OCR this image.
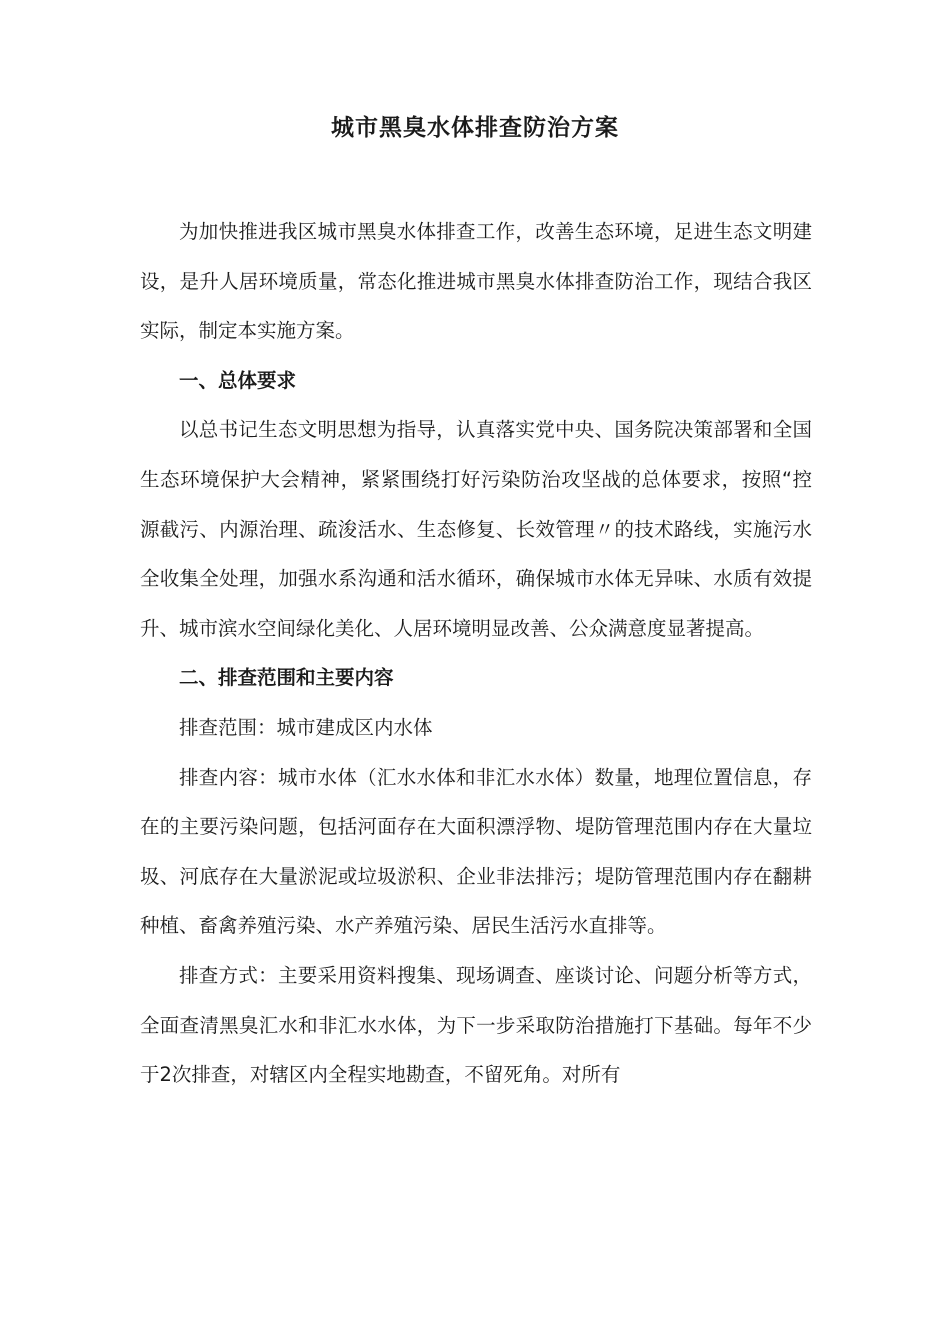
城市黑臭水体排查防治方案

为加快推进我区城市黑臭水体排查工作，改善生态环境，足进生态文明建设，是升人居环境质量，常态化推进城市黑臭水体排查防治工作，现结合我区实际，制定本实施方案。

一、总体要求

以总书记生态文明思想为指导，认真落实党中央、国务院决策部署和全国生态环境保护大会精神，紧紧围绕打好污染防治攻坚战的总体要求，按照“控源截污、内源治理、疏浚活水、生态修复、长效管理〃的技术路线，实施污水全收集全处理，加强水系沟通和活水循环，确保城市水体无异味、水质有效提升、城市滨水空间绿化美化、人居环境明显改善、公众满意度显著提高。

二、排查范围和主要内容

排查范围：城市建成区内水体

排查内容：城市水体（汇水水体和非汇水水体）数量，地理位置信息，存在的主要污染问题，包括河面存在大面积漂浮物、堤防管理范围内存在大量垃圾、河底存在大量淤泥或垃圾淤积、企业非法排污；堤防管理范围内存在翻耕种植、畜禽养殖污染、水产养殖污染、居民生活污水直排等。

排查方式：主要采用资料搜集、现场调查、座谈讨论、问题分析等方式，全面查清黑臭汇水和非汇水水体，为下一步采取防治措施打下基础。每年不少于2次排查，对辖区内全程实地勘查，不留死角。对所有
